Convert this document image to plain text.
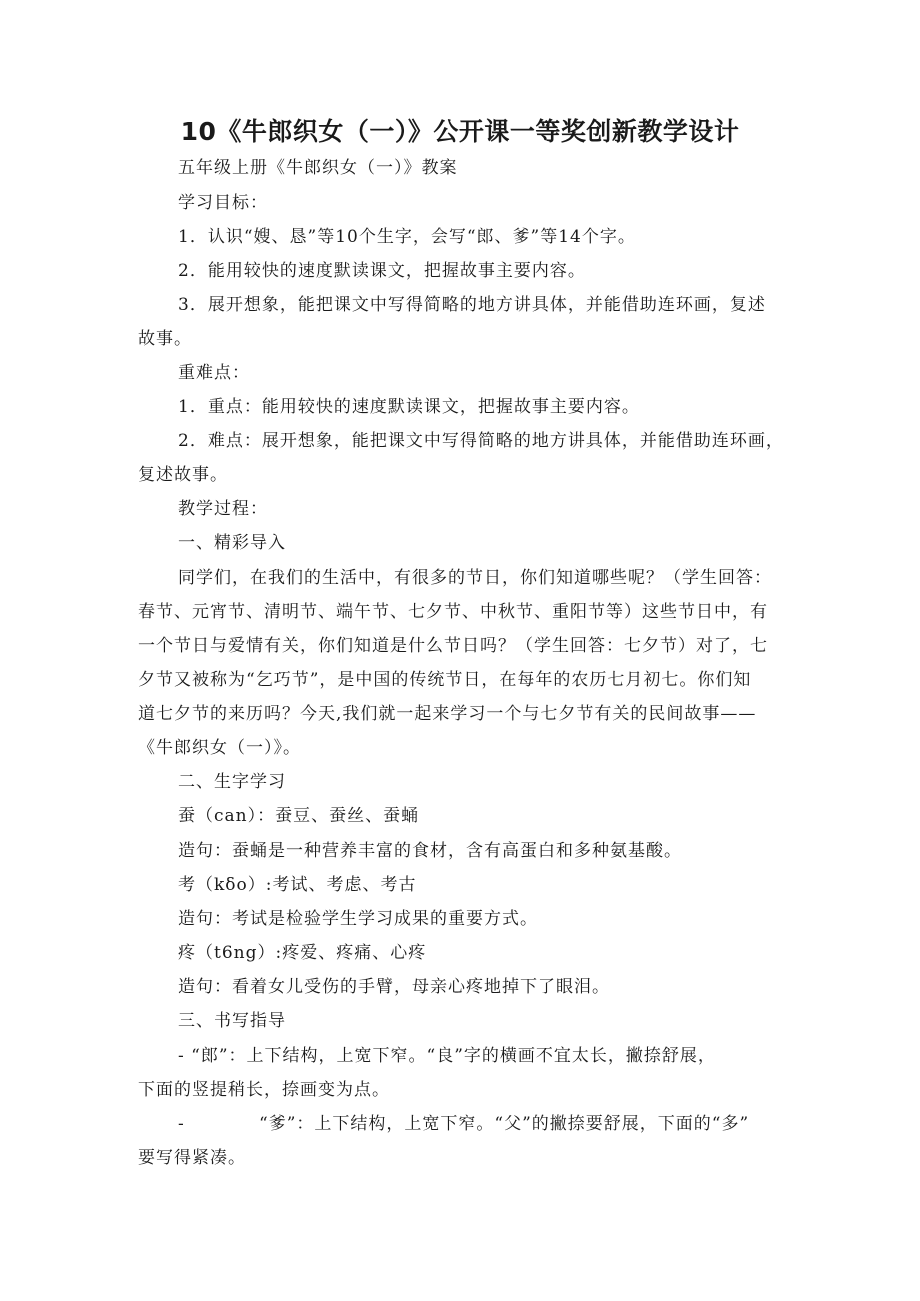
10《牛郎织女（一）》公开课一等奖创新教学设计

五年级上册《牛郎织女（一）》教案

学习目标：

1．认识“嫂、恳”等10个生字，会写“郎、爹”等14个字。

2．能用较快的速度默读课文，把握故事主要内容。

3．展开想象，能把课文中写得简略的地方讲具体，并能借助连环画，复述

故事。

重难点：

1．重点：能用较快的速度默读课文，把握故事主要内容。

2．难点：展开想象，能把课文中写得简略的地方讲具体，并能借助连环画，

复述故事。

教学过程：

一、精彩导入

同学们，在我们的生活中，有很多的节日，你们知道哪些呢？（学生回答：

春节、元宵节、清明节、端午节、七夕节、中秋节、重阳节等）这些节日中，有

一个节日与爱情有关，你们知道是什么节日吗？（学生回答：七夕节）对了，七

夕节又被称为“乞巧节”，是中国的传统节日，在每年的农历七月初七。你们知

道七夕节的来历吗？今天,我们就一起来学习一个与七夕节有关的民间故事——

《牛郎织女（一）》。

二、生字学习

蚕（can）：蚕豆、蚕丝、蚕蛹

造句：蚕蛹是一种营养丰富的食材，含有高蛋白和多种氨基酸。

考（kδo）:考试、考虑、考古

造句：考试是检验学生学习成果的重要方式。

疼（t6ng）:疼爱、疼痛、心疼

造句：看着女儿受伤的手臂，母亲心疼地掉下了眼泪。

三、书写指导

- “郎”：上下结构，上宽下窄。“良”字的横画不宜太长，撇捺舒展，

下面的竖提稍长，捺画变为点。

-	“爹”：上下结构，上宽下窄。“父”的撇捺要舒展，下面的“多”

要写得紧凑。
